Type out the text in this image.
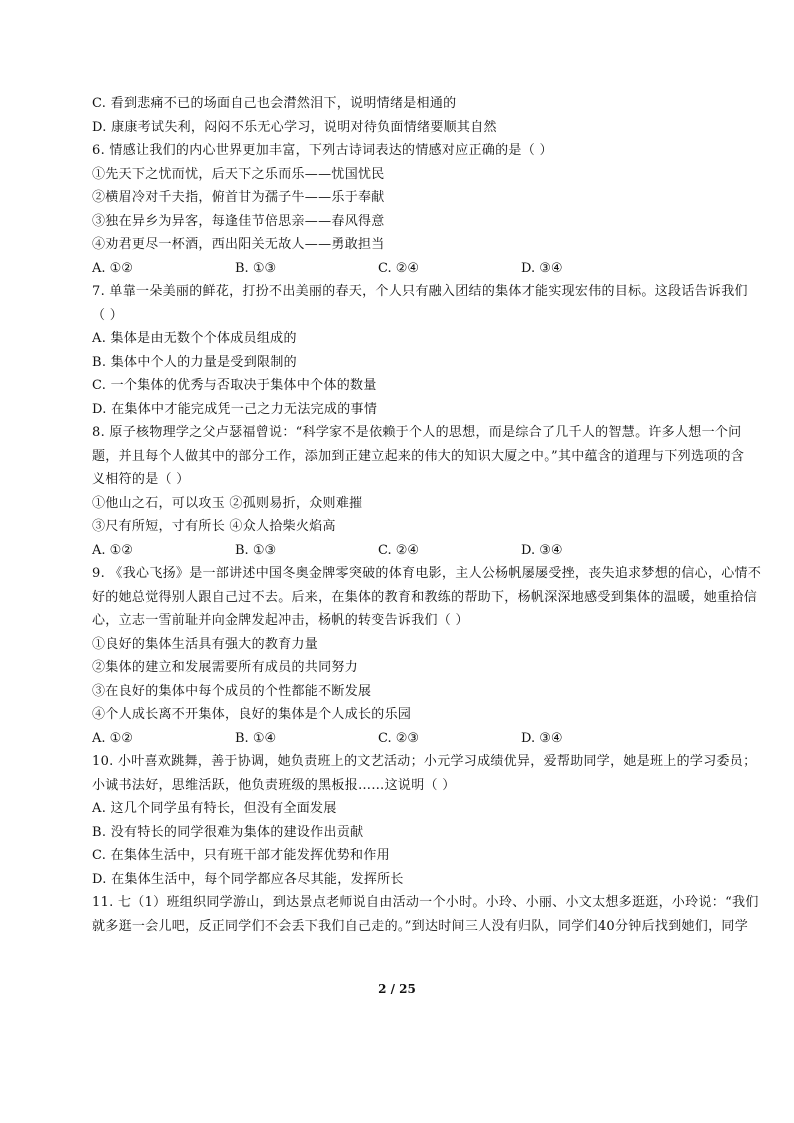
C. 看到悲痛不已的场面自己也会潸然泪下，说明情绪是相通的
D. 康康考试失利，闷闷不乐无心学习，说明对待负面情绪要顺其自然
6. 情感让我们的内心世界更加丰富，下列古诗词表达的情感对应正确的是（ ）
①先天下之忧而忧，后天下之乐而乐——忧国忧民
②横眉冷对千夫指，俯首甘为孺子牛——乐于奉献
③独在异乡为异客，每逢佳节倍思亲——春风得意
④劝君更尽一杯酒，西出阳关无故人——勇敢担当
A. ①②	B. ①③	C. ②④	D. ③④
7. 单靠一朵美丽的鲜花，打扮不出美丽的春天，个人只有融入团结的集体才能实现宏伟的目标。这段话告诉我们
（ ）
A. 集体是由无数个个体成员组成的
B. 集体中个人的力量是受到限制的
C. 一个集体的优秀与否取决于集体中个体的数量
D. 在集体中才能完成凭一己之力无法完成的事情
8. 原子核物理学之父卢瑟福曾说：“科学家不是依赖于个人的思想，而是综合了几千人的智慧。许多人想一个问
题，并且每个人做其中的部分工作，添加到正建立起来的伟大的知识大厦之中。”其中蕴含的道理与下列选项的含
义相符的是（ ）
①他山之石，可以攻玉 ②孤则易折，众则难摧
③尺有所短，寸有所长 ④众人拾柴火焰高
A. ①②	B. ①③	C. ②④	D. ③④
9. 《我心飞扬》是一部讲述中国冬奥金牌零突破的体育电影，主人公杨帆屡屡受挫，丧失追求梦想的信心，心情不
好的她总觉得别人跟自己过不去。后来，在集体的教育和教练的帮助下，杨帆深深地感受到集体的温暖，她重拾信
心，立志一雪前耻并向金牌发起冲击，杨帆的转变告诉我们（ ）
①良好的集体生活具有强大的教育力量
②集体的建立和发展需要所有成员的共同努力
③在良好的集体中每个成员的个性都能不断发展
④个人成长离不开集体，良好的集体是个人成长的乐园
A. ①②	B. ①④	C. ②③	D. ③④
10. 小叶喜欢跳舞，善于协调，她负责班上的文艺活动；小元学习成绩优异，爱帮助同学，她是班上的学习委员；
小诚书法好，思维活跃，他负责班级的黑板报……这说明（ ）
A. 这几个同学虽有特长，但没有全面发展
B. 没有特长的同学很难为集体的建设作出贡献
C. 在集体生活中，只有班干部才能发挥优势和作用
D. 在集体生活中，每个同学都应各尽其能，发挥所长
11. 七（1）班组织同学游山，到达景点老师说自由活动一个小时。小玲、小丽、小文太想多逛逛，小玲说：“我们
就多逛一会儿吧，反正同学们不会丢下我们自己走的。”到达时间三人没有归队，同学们40分钟后找到她们，同学
2 / 25
